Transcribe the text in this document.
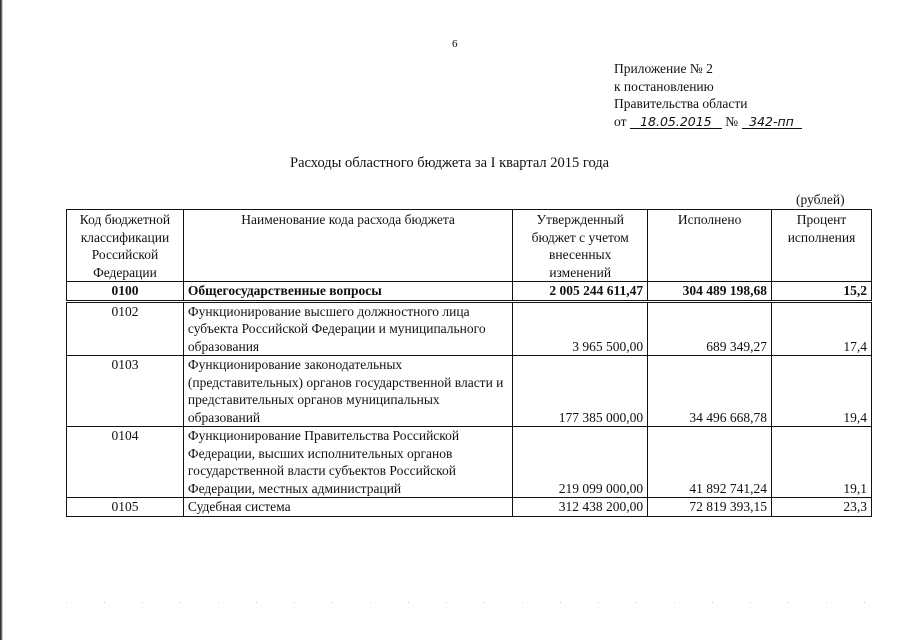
6
Приложение № 2
к постановлению
Правительства области
от 18.05.2015 № 342-пп
Расходы областного бюджета за I квартал 2015 года
(рублей)
Код бюджетной классификации Российской Федерации	Наименование кода расхода бюджета	Утвержденный бюджет с учетом внесенных изменений	Исполнено	Процент исполнения
0100	Общегосударственные вопросы	2 005 244 611,47	304 489 198,68	15,2
0102	Функционирование высшего должностного лица субъекта Российской Федерации и муниципального образования	3 965 500,00	689 349,27	17,4
0103	Функционирование законодательных (представительных) органов государственной власти и представительных органов муниципальных образований	177 385 000,00	34 496 668,78	19,4
0104	Функционирование Правительства Российской Федерации, высших исполнительных органов государственной власти субъектов Российской Федерации, местных администраций	219 099 000,00	41 892 741,24	19,1
0105	Судебная система	312 438 200,00	72 819 393,15	23,3
